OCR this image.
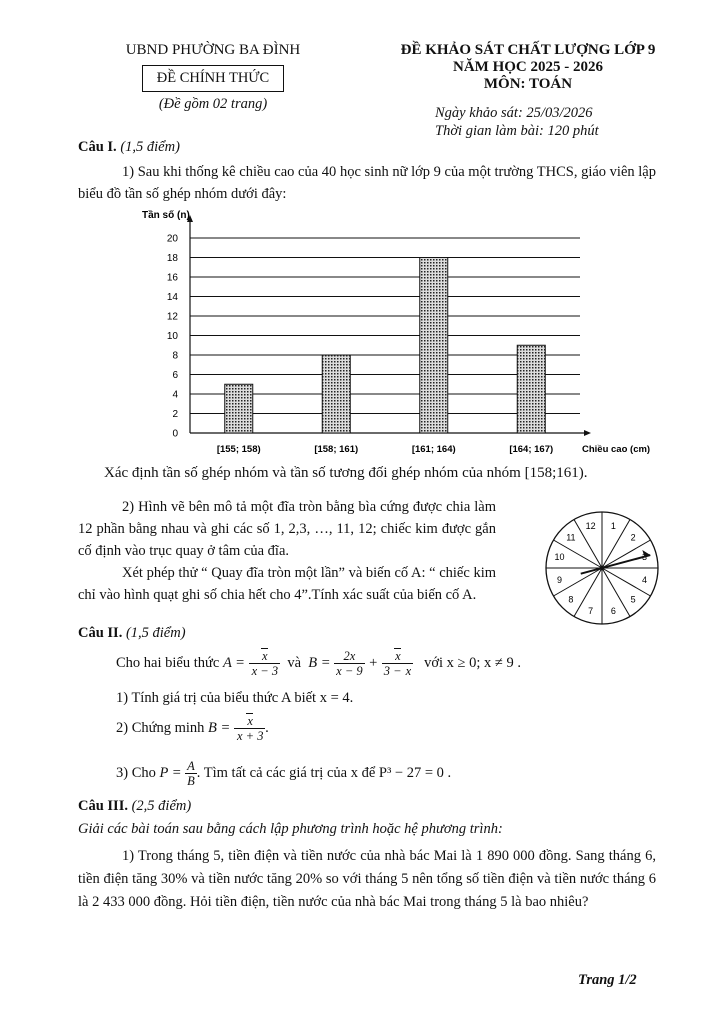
UBND PHƯỜNG BA ĐÌNH
ĐỀ CHÍNH THỨC
(Đề gồm 02 trang)
ĐỀ KHẢO SÁT CHẤT LƯỢNG LỚP 9
NĂM HỌC 2025 - 2026
MÔN: TOÁN
Ngày khảo sát: 25/03/2026
Thời gian làm bài: 120 phút
Câu I. (1,5 điểm)
1) Sau khi thống kê chiều cao của 40 học sinh nữ lớp 9 của một trường THCS, giáo viên lập biểu đồ tần số ghép nhóm dưới đây:
0
2
4
6
8
10
12
14
16
18
20
Tần số (n)
[155; 158)	[158; 161)	[161; 164)	[164; 167)	Chiều cao (cm)
Xác định tần số ghép nhóm và tần số tương đối ghép nhóm của nhóm [158;161).
2) Hình vẽ bên mô tả một đĩa tròn bằng bìa cứng được chia làm 12 phần bằng nhau và ghi các số 1, 2,3, …, 11, 12; chiếc kim được gắn cố định vào trục quay ở tâm của đĩa.
Xét phép thử “ Quay đĩa tròn một lần” và biến cố A: “ chiếc kim chỉ vào hình quạt ghi số chia hết cho 4”.Tính xác suất của biến cố A.
1
2
4
5
6
7
8
9
10
11
12
Câu II. (1,5 điểm)
Cho hai biểu thức $A = \frac{x}{x - 3}$ và $B = \frac{2x}{x - 9} + \frac{x}{3 - x}$ với x ≥ 0; x ≠ 9 .
1) Tính giá trị của biểu thức A biết x = 4.
2) Chứng minh $B = \frac{x}{x + 3}$ .
3) Cho $P = \frac{A}{B}$ . Tìm tất cả các giá trị của x để P³ − 27 = 0 .
Câu III. (2,5 điểm)
Giải các bài toán sau bằng cách lập phương trình hoặc hệ phương trình:
1) Trong tháng 5, tiền điện và tiền nước của nhà bác Mai là 1 890 000 đồng. Sang tháng 6, tiền điện tăng 30% và tiền nước tăng 20% so với tháng 5 nên tổng số tiền điện và tiền nước tháng 6 là 2 433 000 đồng. Hỏi tiền điện, tiền nước của nhà bác Mai trong tháng 5 là bao nhiêu?
Trang 1/2
